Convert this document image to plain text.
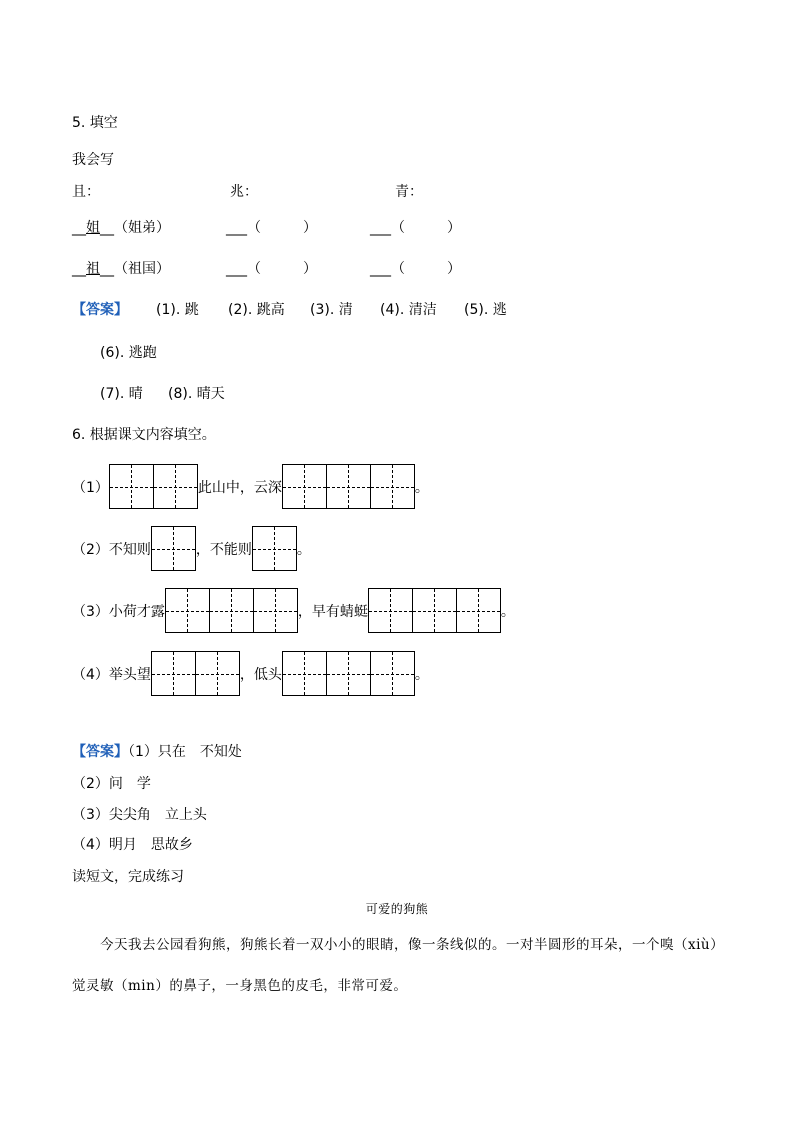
5. 填空
我会写
且：	兆：	青：
__姐__（姐弟）	___（　　　）	___（　　　）
__祖__（祖国）	___（　　　）	___（　　　）
【答案】 (1). 跳 (2). 跳高 (3). 清 (4). 清洁 (5). 逃
(6). 逃跑
(7). 晴 (8). 晴天
6. 根据课文内容填空。
（1）	此山中，云深	。
（2）不知则	，不能则	。
（3）小荷才露	，早有蜻蜓	。
（4）举头望	，低头	。
【答案】（1）只在　不知处
（2）问　学
（3）尖尖角　立上头
（4）明月　思故乡
读短文，完成练习
可爱的狗熊
今天我去公园看狗熊，狗熊长着一双小小的眼睛，像一条线似的。一对半圆形的耳朵，一个嗅（xiù）
觉灵敏（min）的鼻子，一身黑色的皮毛，非常可爱。
